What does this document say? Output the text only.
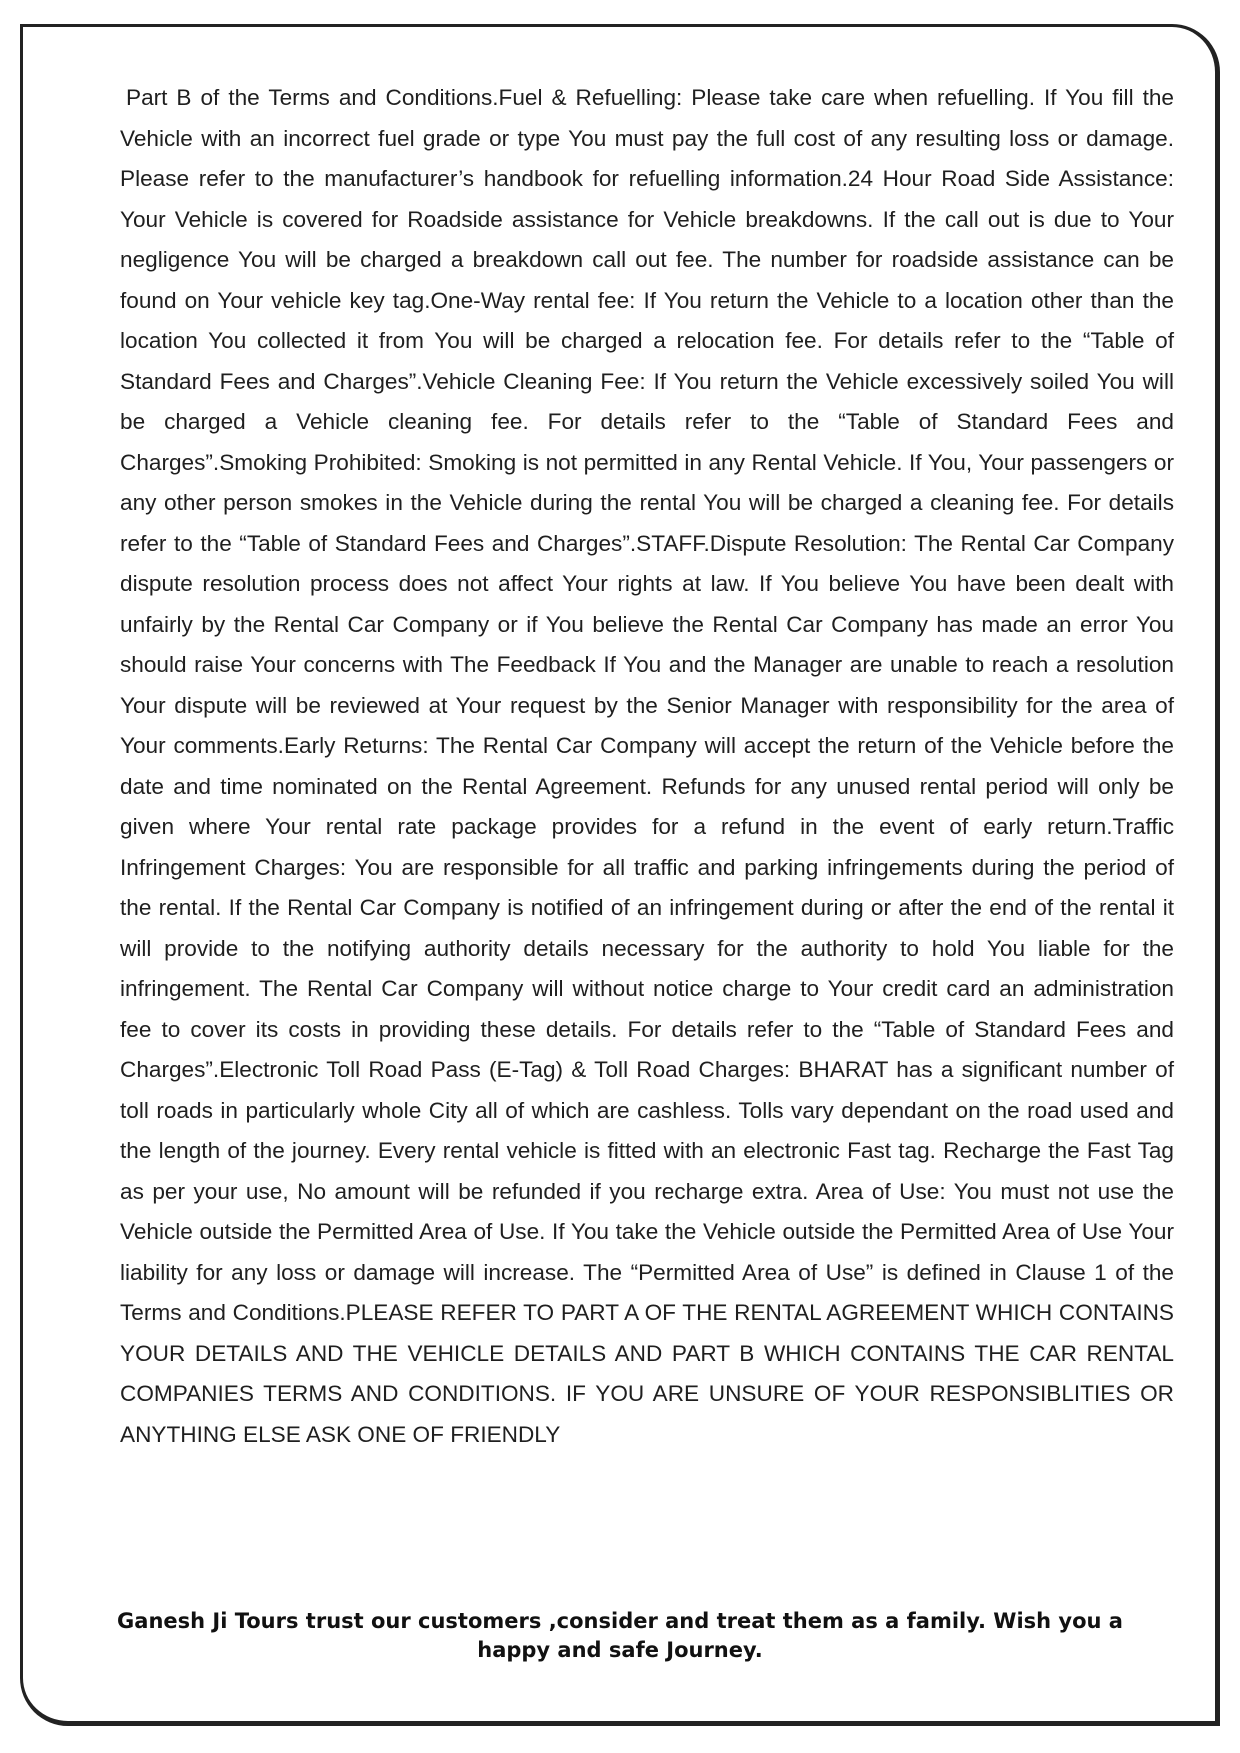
Part B of the Terms and Conditions.Fuel & Refuelling: Please take care when refuelling. If You fill the Vehicle with an incorrect fuel grade or type You must pay the full cost of any resulting loss or damage. Please refer to the manufacturer’s handbook for refuelling information.24 Hour Road Side Assistance: Your Vehicle is covered for Roadside assistance for Vehicle breakdowns. If the call out is due to Your negligence You will be charged a breakdown call out fee. The number for roadside assistance can be found on Your vehicle key tag.One-Way rental fee: If You return the Vehicle to a location other than the location You collected it from You will be charged a relocation fee. For details refer to the “Table of Standard Fees and Charges”.Vehicle Cleaning Fee: If You return the Vehicle excessively soiled You will be charged a Vehicle cleaning fee. For details refer to the “Table of Standard Fees and Charges”.Smoking Prohibited: Smoking is not permitted in any Rental Vehicle. If You, Your passengers or any other person smokes in the Vehicle during the rental You will be charged a cleaning fee. For details refer to the “Table of Standard Fees and Charges”.STAFF.Dispute Resolution: The Rental Car Company dispute resolution process does not affect Your rights at law. If You believe You have been dealt with unfairly by the Rental Car Company or if You believe the Rental Car Company has made an error You should raise Your concerns with The Feedback If You and the Manager are unable to reach a resolution Your dispute will be reviewed at Your request by the Senior Manager with responsibility for the area of Your comments.Early Returns: The Rental Car Company will accept the return of the Vehicle before the date and time nominated on the Rental Agreement. Refunds for any unused rental period will only be given where Your rental rate package provides for a refund in the event of early return.Traffic Infringement Charges: You are responsible for all traffic and parking infringements during the period of the rental. If the Rental Car Company is notified of an infringement during or after the end of the rental it will provide to the notifying authority details necessary for the authority to hold You liable for the infringement. The Rental Car Company will without notice charge to Your credit card an administration fee to cover its costs in providing these details. For details refer to the “Table of Standard Fees and Charges”.Electronic Toll Road Pass (E-Tag) & Toll Road Charges: BHARAT has a significant number of toll roads in particularly whole City all of which are cashless. Tolls vary dependant on the road used and the length of the journey. Every rental vehicle is fitted with an electronic Fast tag. Recharge the Fast Tag as per your use, No amount will be refunded if you recharge extra. Area of Use: You must not use the Vehicle outside the Permitted Area of Use. If You take the Vehicle outside the Permitted Area of Use Your liability for any loss or damage will increase. The “Permitted Area of Use” is defined in Clause 1 of the Terms and Conditions.PLEASE REFER TO PART A OF THE RENTAL AGREEMENT WHICH CONTAINS YOUR DETAILS AND THE VEHICLE DETAILS AND PART B WHICH CONTAINS THE CAR RENTAL COMPANIES TERMS AND CONDITIONS. IF YOU ARE UNSURE OF YOUR RESPONSIBLITIES OR ANYTHING ELSE ASK ONE OF FRIENDLY

Ganesh Ji Tours trust our customers ,consider and treat them as a family. Wish you a happy and safe Journey.
